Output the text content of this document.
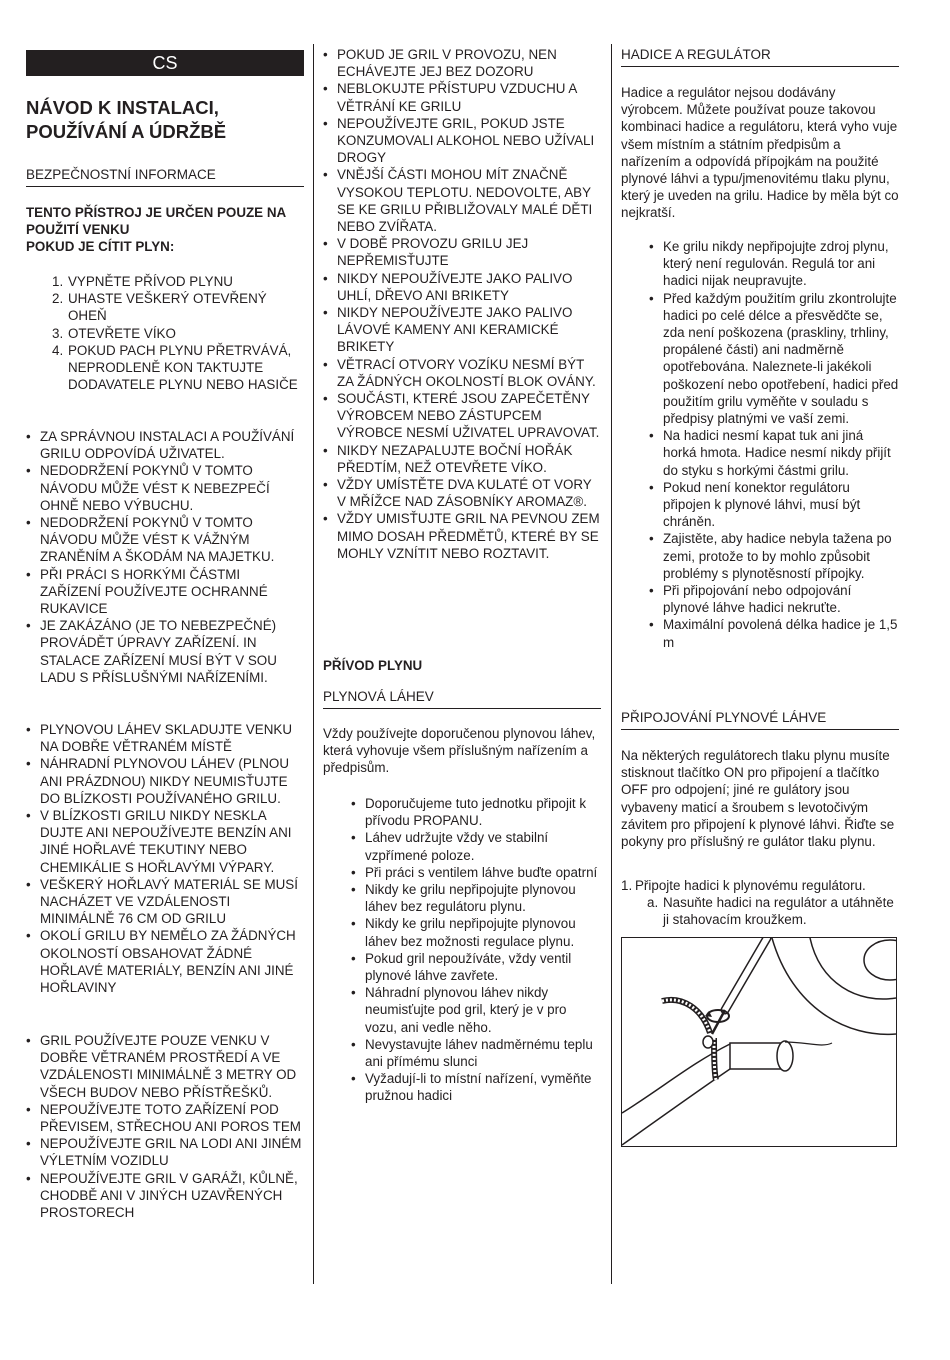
CS
NÁVOD K INSTALACI, POUŽÍVÁNÍ A ÚDRŽBĚ
BEZPEČNOSTNÍ INFORMACE

TENTO PŘÍSTROJ JE URČEN POUZE NA POUŽITÍ VENKU

POKUD JE CÍTIT PLYN:

1. VYPNĚTE PŘÍVOD PLYNU
2. UHASTE VEŠKERÝ OTEVŘENÝ OHEŇ
3. OTEVŘETE VÍKO
4. POKUD PACH PLYNU PŘETRVÁVÁ, NEPRODLENĚ KON TAKTUJTE DODAVATELE PLYNU NEBO HASIČE
• ZA SPRÁVNOU INSTALACI A POUŽÍVÁNÍ GRILU ODPOVÍDÁ UŽIVATEL.
• NEDODRŽENÍ POKYNŮ V TOMTO NÁVODU MŮŽE VÉST K NEBEZPEČÍ OHNĚ NEBO VÝBUCHU.
• NEDODRŽENÍ POKYNŮ V TOMTO NÁVODU MŮŽE VÉST K VÁŽNÝM ZRANĚNÍM A ŠKODÁM NA MAJETKU.
• PŘI PRÁCI S HORKÝMI ČÁSTMI ZAŘÍZENÍ POUŽÍVEJTE OCHRANNÉ RUKAVICE
• JE ZAKÁZÁNO (JE TO NEBEZPEČNÉ) PROVÁDĚT ÚPRAVY ZAŘÍZENÍ. IN STALACE ZAŘÍZENÍ MUSÍ BÝT V SOU LADU S PŘÍSLUŠNÝMI NAŘÍZENÍMI.
• PLYNOVOU LÁHEV SKLADUJTE VENKU NA DOBŘE VĚTRANÉM MÍSTĚ
• NÁHRADNÍ PLYNOVOU LÁHEV (PLNOU ANI PRÁZDNOU) NIKDY NEUMISŤUJTE DO BLÍZKOSTI POUŽÍVANÉHO GRILU.
• V BLÍZKOSTI GRILU NIKDY NESKLA DUJTE ANI NEPOUŽÍVEJTE BENZÍN ANI JINÉ HOŘLAVÉ TEKUTINY NEBO CHEMIKÁLIE S HOŘLAVÝMI VÝPARY.
• VEŠKERÝ HOŘLAVÝ MATERIÁL SE MUSÍ NACHÁZET VE VZDÁLENOSTI MINIMÁLNĚ 76 CM OD GRILU
• OKOLÍ GRILU BY NEMĚLO ZA ŽÁDNÝCH OKOLNOSTÍ OBSAHOVAT ŽÁDNÉ HOŘLAVÉ MATERIÁLY, BENZÍN ANI JINÉ HOŘLAVINY
• GRIL POUŽÍVEJTE POUZE VENKU V DOBŘE VĚTRANÉM PROSTŘEDÍ A VE VZDÁLENOSTI MINIMÁLNĚ 3 METRY OD VŠECH BUDOV NEBO PŘÍSTŘEŠKŮ.
• NEPOUŽÍVEJTE TOTO ZAŘÍZENÍ POD PŘEVISEM, STŘECHOU ANI POROS TEM
• NEPOUŽÍVEJTE GRIL NA LODI ANI JINÉM VÝLETNÍM VOZIDLU
• NEPOUŽÍVEJTE GRIL V GARÁŽI, KŮLNĚ, CHODBĚ ANI V JINÝCH UZAVŘENÝCH PROSTORECH
• POKUD JE GRIL V PROVOZU, NEN ECHÁVEJTE JEJ BEZ DOZORU
• NEBLOKUJTE PŘÍSTUPU VZDUCHU A VĚTRÁNÍ KE GRILU
• NEPOUŽÍVEJTE GRIL, POKUD JSTE KONZUMOVALI ALKOHOL NEBO UŽÍVALI DROGY
• VNĚJŠÍ ČÁSTI MOHOU MÍT ZNAČNĚ VYSOKOU TEPLOTU. NEDOVOLTE, ABY SE KE GRILU PŘIBLIŽOVALY MALÉ DĚTI NEBO ZVÍŘATA.
• V DOBĚ PROVOZU GRILU JEJ NEPŘEMISŤUJTE
• NIKDY NEPOUŽÍVEJTE JAKO PALIVO UHLÍ, DŘEVO ANI BRIKETY
• NIKDY NEPOUŽÍVEJTE JAKO PALIVO LÁVOVÉ KAMENY ANI KERAMICKÉ BRIKETY
• VĚTRACÍ OTVORY VOZÍKU NESMÍ BÝT ZA ŽÁDNÝCH OKOLNOSTÍ BLOK OVÁNY.
• SOUČÁSTI, KTERÉ JSOU ZAPEČETĚNY VÝROBCEM NEBO ZÁSTUPCEM VÝROBCE NESMÍ UŽIVATEL UPRAVOVAT.
• NIKDY NEZAPALUJTE BOČNÍ HOŘÁK PŘEDTÍM, NEŽ OTEVŘETE VÍKO.
• VŽDY UMÍSTĚTE DVA KULATÉ OT VORY V MŘÍŽCE NAD ZÁSOBNÍKY AROMAZ®.
• VŽDY UMISŤUJTE GRIL NA PEVNOU ZEM MIMO DOSAH PŘEDMĚTŮ, KTERÉ BY SE MOHLY VZNÍTIT NEBO ROZTAVIT.
PŘÍVOD PLYNU
PLYNOVÁ LÁHEV

Vždy používejte doporučenou plynovou láhev, která vyhovuje všem příslušným nařízením a předpisům.

• Doporučujeme tuto jednotku připojit k přívodu PROPANU.
• Láhev udržujte vždy ve stabilní vzpřímené poloze.
• Při práci s ventilem láhve buďte opatrní
• Nikdy ke grilu nepřipojujte plynovou láhev bez regulátoru plynu.
• Nikdy ke grilu nepřipojujte plynovou láhev bez možnosti regulace plynu.
• Pokud gril nepoužíváte, vždy ventil plynové láhve zavřete.
• Náhradní plynovou láhev nikdy neumisťujte pod gril, který je v pro vozu, ani vedle něho.
• Nevystavujte láhev nadměrnému teplu ani přímému slunci
• Vyžadují-li to místní nařízení, vyměňte pružnou hadici
HADICE A REGULÁTOR

Hadice a regulátor nejsou dodávány výrobcem. Můžete používat pouze takovou kombinaci hadice a regulátoru, která vyho vuje všem místním a státním předpisům a nařízením a odpovídá přípojkám na použité plynové láhvi a typu/jmenovitému tlaku plynu, který je uveden na grilu. Hadice by měla být co nejkratší.

• Ke grilu nikdy nepřipojujte zdroj plynu, který není regulován. Regulá tor ani hadici nijak neupravujte.
• Před každým použitím grilu zkontrolujte hadici po celé délce a přesvědčte se, zda není poškozena (praskliny, trhliny, propálené části) ani nadměrně opotřebována. Naleznete-li jakékoli poškození nebo opotřebení, hadici před použitím grilu vyměňte v souladu s předpisy platnými ve vaší zemi.
• Na hadici nesmí kapat tuk ani jiná horká hmota. Hadice nesmí nikdy přijít do styku s horkými částmi grilu.
• Pokud není konektor regulátoru připojen k plynové láhvi, musí být chráněn.
• Zajistěte, aby hadice nebyla tažena po zemi, protože to by mohlo způsobit problémy s plynotěsností přípojky.
• Při připojování nebo odpojování plynové láhve hadici nekruťte.
• Maximální povolená délka hadice je 1,5 m
PŘIPOJOVÁNÍ PLYNOVÉ LÁHVE

Na některých regulátorech tlaku plynu musíte stisknout tlačítko ON pro připojení a tlačítko OFF pro odpojení; jiné re gulátory jsou vybaveny maticí a šroubem s levotočivým závitem pro připojení k plynové láhvi. Řiďte se pokyny pro příslušný re gulátor tlaku plynu.

1. Připojte hadici k plynovému regulátoru.
a. Nasuňte hadici na regulátor a utáhněte ji stahovacím kroužkem.
